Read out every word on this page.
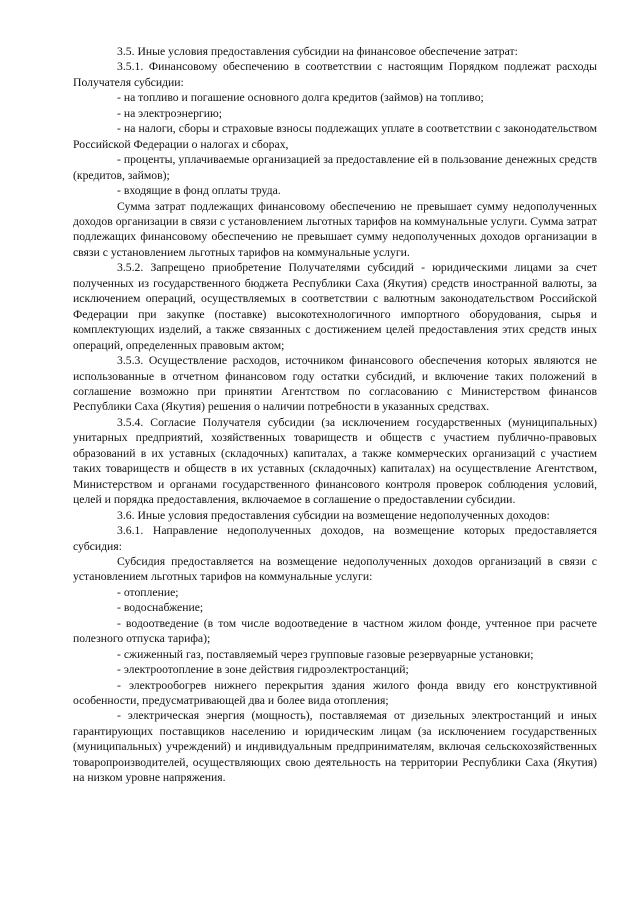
3.5. Иные условия предоставления субсидии на финансовое обеспечение затрат:

3.5.1. Финансовому обеспечению в соответствии с настоящим Порядком подлежат расходы Получателя субсидии:

- на топливо и погашение основного долга кредитов (займов) на топливо;

- на электроэнергию;

- на налоги, сборы и страховые взносы подлежащих уплате в соответствии с законодательством Российской Федерации о налогах и сборах,

- проценты, уплачиваемые организацией за предоставление ей в пользование денежных средств (кредитов, займов);

- входящие в фонд оплаты труда.

Сумма затрат подлежащих финансовому обеспечению не превышает сумму недополученных доходов организации в связи с установлением льготных тарифов на коммунальные услуги. Сумма затрат подлежащих финансовому обеспечению не превышает сумму недополученных доходов организации в связи с установлением льготных тарифов на коммунальные услуги.

3.5.2. Запрещено приобретение Получателями субсидий - юридическими лицами за счет полученных из государственного бюджета Республики Саха (Якутия) средств иностранной валюты, за исключением операций, осуществляемых в соответствии с валютным законодательством Российской Федерации при закупке (поставке) высокотехнологичного импортного оборудования, сырья и комплектующих изделий, а также связанных с достижением целей предоставления этих средств иных операций, определенных правовым актом;

3.5.3. Осуществление расходов, источником финансового обеспечения которых являются не использованные в отчетном финансовом году остатки субсидий, и включение таких положений в соглашение возможно при принятии Агентством по согласованию с Министерством финансов Республики Саха (Якутия) решения о наличии потребности в указанных средствах.

3.5.4. Согласие Получателя субсидии (за исключением государственных (муниципальных) унитарных предприятий, хозяйственных товариществ и обществ с участием публично-правовых образований в их уставных (складочных) капиталах, а также коммерческих организаций с участием таких товариществ и обществ в их уставных (складочных) капиталах) на осуществление Агентством, Министерством и органами государственного финансового контроля проверок соблюдения условий, целей и порядка предоставления, включаемое в соглашение о предоставлении субсидии.

3.6. Иные условия предоставления субсидии на возмещение недополученных доходов:

3.6.1. Направление недополученных доходов, на возмещение которых предоставляется субсидия:

Субсидия предоставляется на возмещение недополученных доходов организаций в связи с установлением льготных тарифов на коммунальные услуги:

- отопление;

- водоснабжение;

- водоотведение (в том числе водоотведение в частном жилом фонде, учтенное при расчете полезного отпуска тарифа);

- сжиженный газ, поставляемый через групповые газовые резервуарные установки;

- электроотопление в зоне действия гидроэлектростанций;

- электрообогрев нижнего перекрытия здания жилого фонда ввиду его конструктивной особенности, предусматривающей два и более вида отопления;

- электрическая энергия (мощность), поставляемая от дизельных электростанций и иных гарантирующих поставщиков населению и юридическим лицам (за исключением государственных (муниципальных) учреждений) и индивидуальным предпринимателям, включая сельскохозяйственных товаропроизводителей, осуществляющих свою деятельность на территории Республики Саха (Якутия) на низком уровне напряжения.
